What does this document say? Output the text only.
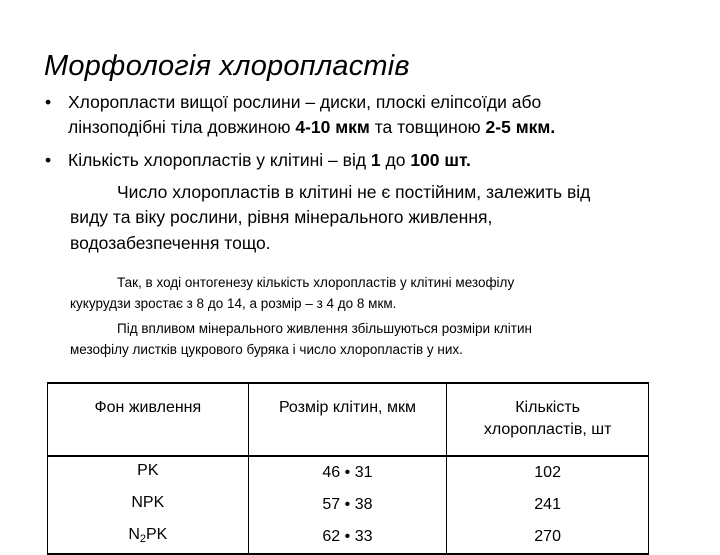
Морфологія хлоропластів
• Хлоропласти вищої рослини – диски, плоскі еліпсоїди або
лінзоподібні тіла довжиною 4-10 мкм та товщиною 2-5 мкм.
• Кількість хлоропластів у клітині – від 1 до 100 шт.
Число хлоропластів в клітині не є постійним, залежить від
виду та віку рослини, рівня мінерального живлення,
водозабезпечення тощо.
Так, в ході онтогенезу кількість хлоропластів у клітині мезофілу
кукурудзи зростає з 8 до 14, а розмір – з 4 до 8 мкм.
Під впливом мінерального живлення збільшуються розміри клітин
мезофілу листків цукрового буряка і число хлоропластів у них.
Фон живлення	Розмір клітин, мкм	Кількість
хлоропластів, шт
PK	46 • 31	102
NPK	57 • 38	241
$N_2PK$	62 • 33	270
